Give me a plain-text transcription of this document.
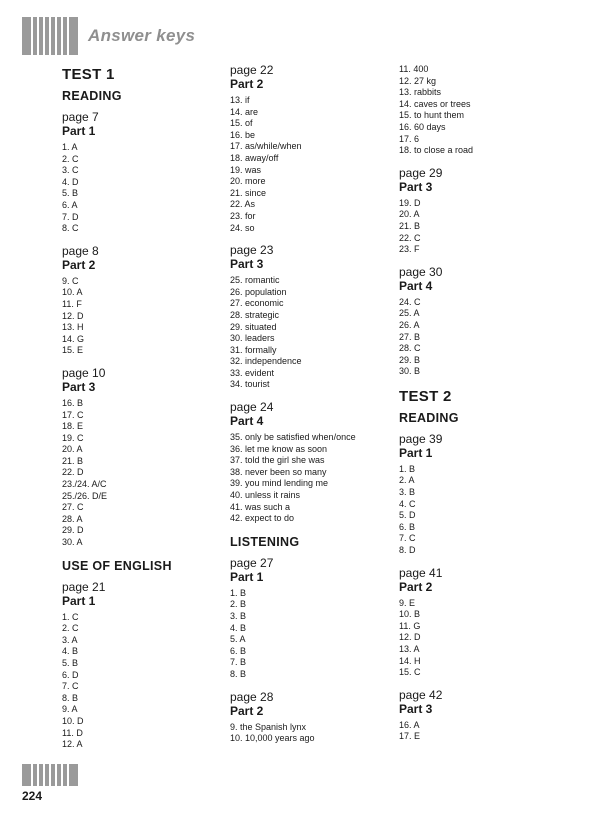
Answer keys
TEST 1
READING
page 7
Part 1
1. A
2. C
3. C
4. D
5. B
6. A
7. D
8. C
page 8
Part 2
9. C
10. A
11. F
12. D
13. H
14. G
15. E
page 10
Part 3
16. B
17. C
18. E
19. C
20. A
21. B
22. D
23./24. A/C
25./26. D/E
27. C
28. A
29. D
30. A
USE OF ENGLISH
page 21
Part 1
1. C
2. C
3. A
4. B
5. B
6. D
7. C
8. B
9. A
10. D
11. D
12. A
page 22
Part 2
13. if
14. are
15. of
16. be
17. as/while/when
18. away/off
19. was
20. more
21. since
22. As
23. for
24. so
page 23
Part 3
25. romantic
26. population
27. economic
28. strategic
29. situated
30. leaders
31. formally
32. independence
33. evident
34. tourist
page 24
Part 4
35. only be satisfied when/once
36. let me know as soon
37. told the girl she was
38. never been so many
39. you mind lending me
40. unless it rains
41. was such a
42. expect to do
LISTENING
page 27
Part 1
1. B
2. B
3. B
4. B
5. A
6. B
7. B
8. B
page 28
Part 2
9. the Spanish lynx
10. 10,000 years ago
11. 400
12. 27 kg
13. rabbits
14. caves or trees
15. to hunt them
16. 60 days
17. 6
18. to close a road
page 29
Part 3
19. D
20. A
21. B
22. C
23. F
page 30
Part 4
24. C
25. A
26. A
27. B
28. C
29. B
30. B
TEST 2
READING
page 39
Part 1
1. B
2. A
3. B
4. C
5. D
6. B
7. C
8. D
page 41
Part 2
9. E
10. B
11. G
12. D
13. A
14. H
15. C
page 42
Part 3
16. A
17. E
224
